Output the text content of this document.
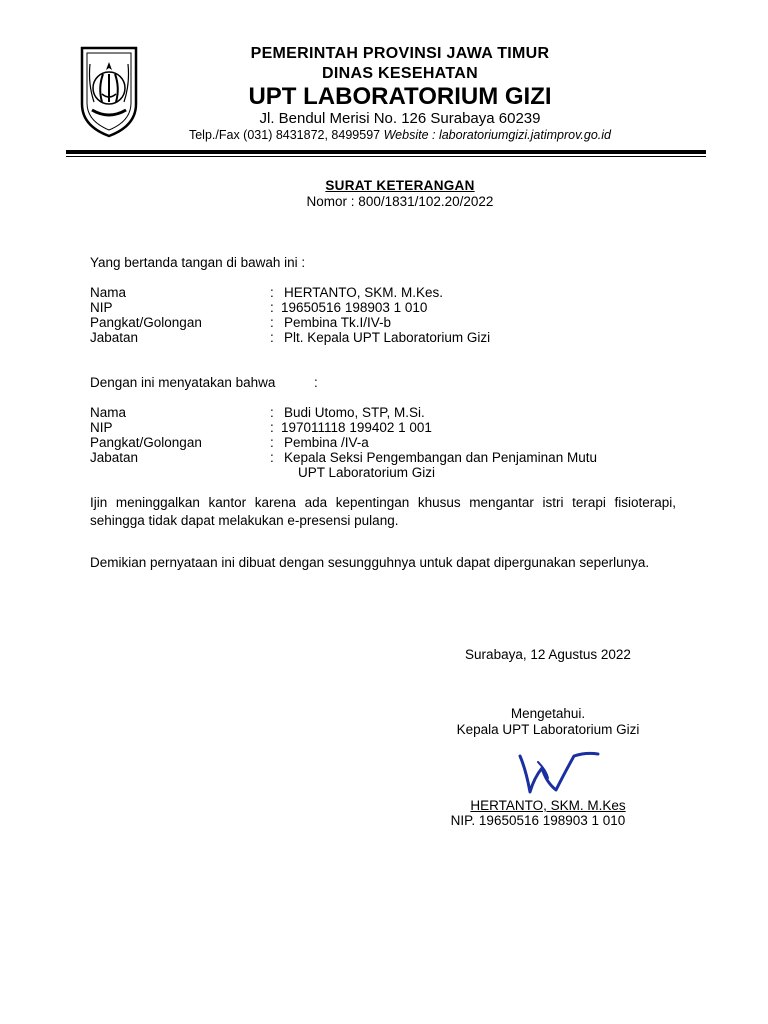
PEMERINTAH PROVINSI JAWA TIMUR
DINAS KESEHATAN
UPT LABORATORIUM GIZI
Jl. Bendul Merisi No. 126 Surabaya 60239
Telp./Fax (031) 8431872, 8499597 Website : laboratoriumgizi.jatimprov.go.id
SURAT KETERANGAN
Nomor : 800/1831/102.20/2022
Yang bertanda tangan di bawah ini :
Nama	: HERTANTO, SKM. M.Kes.
NIP	: 19650516 198903 1 010
Pangkat/Golongan	: Pembina Tk.I/IV-b
Jabatan	: Plt. Kepala UPT Laboratorium Gizi
Dengan ini menyatakan bahwa	:
Nama	: Budi Utomo, STP, M.Si.
NIP	: 197011118 199402 1 001
Pangkat/Golongan	: Pembina /IV-a
Jabatan	: Kepala Seksi Pengembangan dan Penjaminan Mutu
UPT Laboratorium Gizi
Ijin meninggalkan kantor karena ada kepentingan khusus mengantar istri terapi fisioterapi, sehingga tidak dapat melakukan e-presensi pulang.
Demikian pernyataan ini dibuat dengan sesungguhnya untuk dapat dipergunakan seperlunya.
Surabaya, 12 Agustus 2022
Mengetahui.
Kepala UPT Laboratorium Gizi
HERTANTO, SKM. M.Kes
NIP. 19650516 198903 1 010
